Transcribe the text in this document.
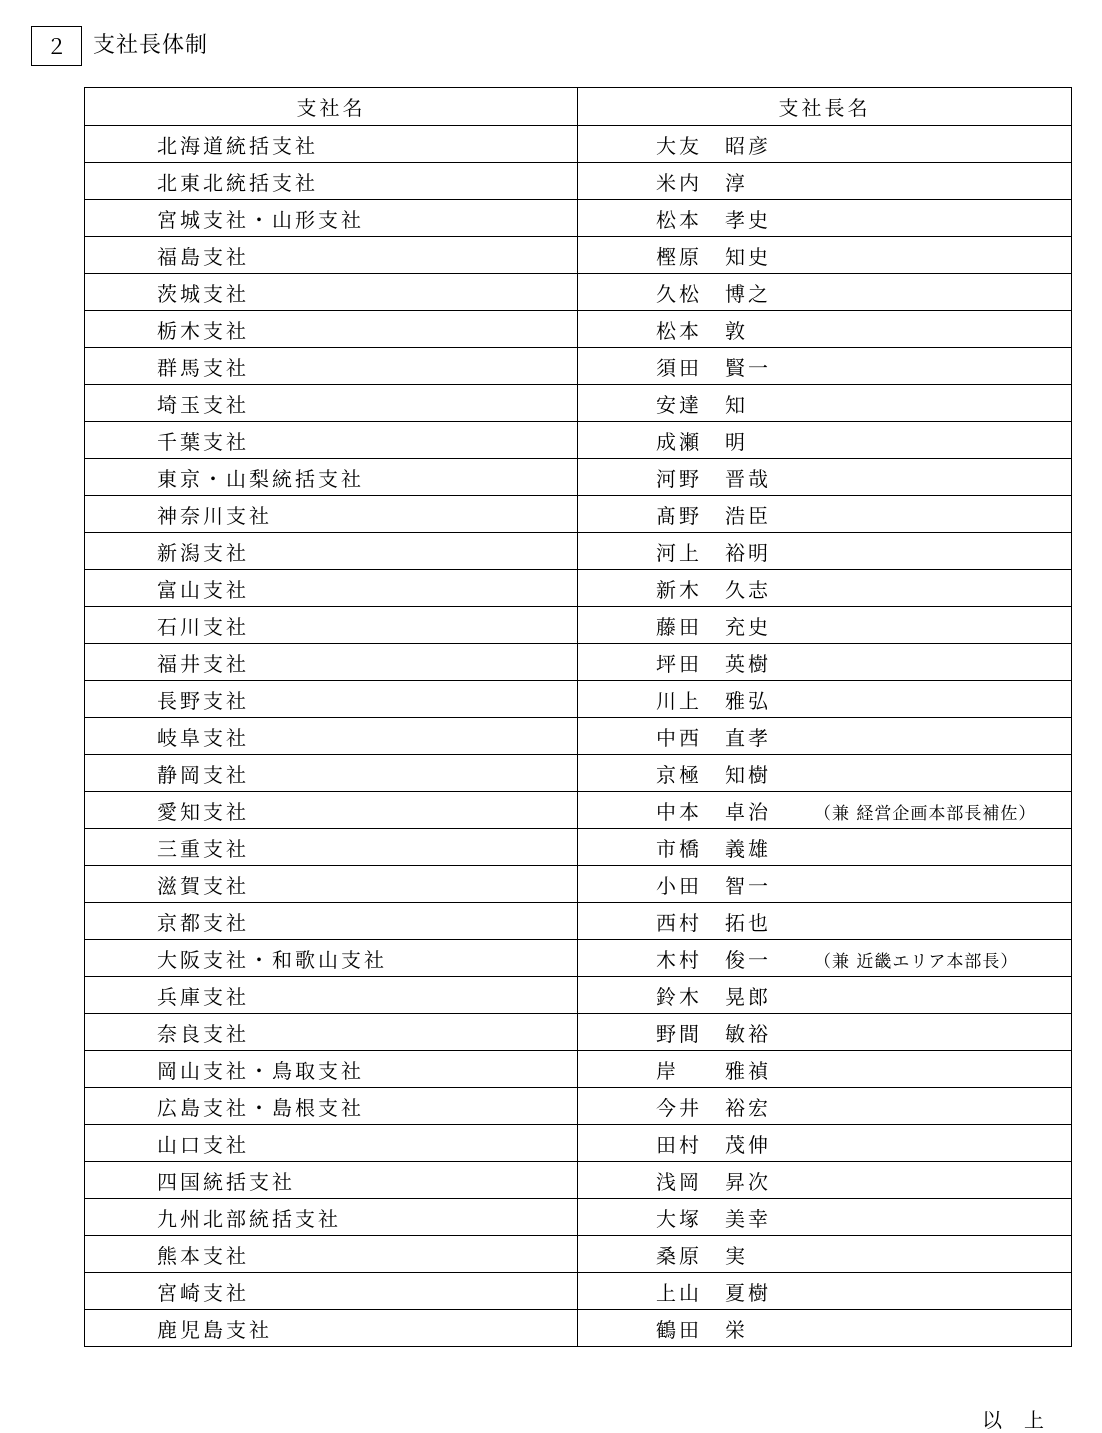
２ 支社長体制
支社名	支社長名
北海道統括支社	大友　昭彦
北東北統括支社	米内　淳
宮城支社・山形支社	松本　孝史
福島支社	樫原　知史
茨城支社	久松　博之
栃木支社	松本　敦
群馬支社	須田　賢一
埼玉支社	安達　知
千葉支社	成瀬　明
東京・山梨統括支社	河野　晋哉
神奈川支社	髙野　浩臣
新潟支社	河上　裕明
富山支社	新木　久志
石川支社	藤田　充史
福井支社	坪田　英樹
長野支社	川上　雅弘
岐阜支社	中西　直孝
静岡支社	京極　知樹
愛知支社	中本　卓治 （兼 経営企画本部長補佐）
三重支社	市橋　義雄
滋賀支社	小田　智一
京都支社	西村　拓也
大阪支社・和歌山支社	木村　俊一 （兼 近畿エリア本部長）
兵庫支社	鈴木　晃郎
奈良支社	野間　敏裕
岡山支社・鳥取支社	岸　　雅禎
広島支社・島根支社	今井　裕宏
山口支社	田村　茂伸
四国統括支社	浅岡　昇次
九州北部統括支社	大塚　美幸
熊本支社	桑原　実
宮崎支社	上山　夏樹
鹿児島支社	鶴田　栄
以上
